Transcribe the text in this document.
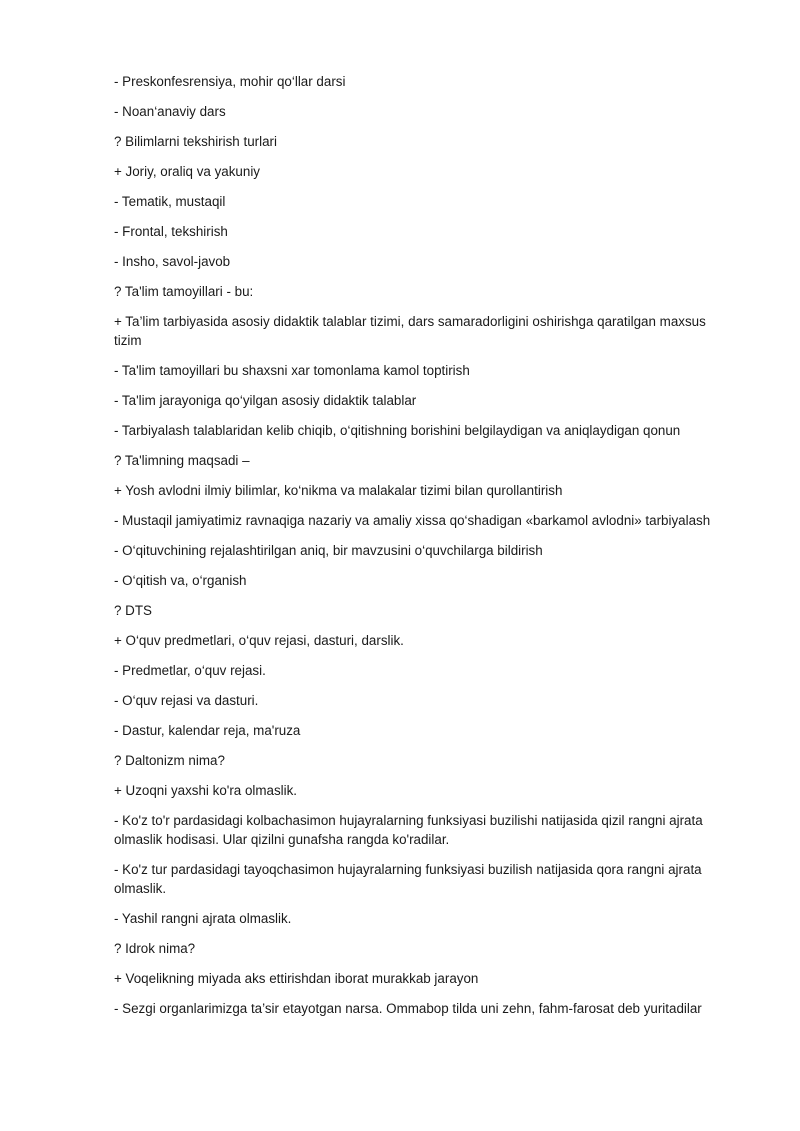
- Preskonfesrensiya, mohir qo‘llar darsi

- Noan‘anaviy dars

? Bilimlarni tekshirish turlari

+ Joriy, oraliq va yakuniy

- Tematik, mustaqil

- Frontal, tekshirish

- Insho, savol-javob

? Ta'lim tamoyillari - bu:

+ Ta’lim tarbiyasida asosiy didaktik talablar tizimi, dars samaradorligini oshirishga qaratilgan maxsus tizim

- Ta'lim tamoyillari bu shaxsni xar tomonlama kamol toptirish

- Ta'lim jarayoniga qo‘yilgan asosiy didaktik talablar

- Tarbiyalash talablaridan kelib chiqib, o‘qitishning borishini belgilaydigan va aniqlaydigan qonun

? Ta'limning maqsadi –

+ Yosh avlodni ilmiy bilimlar, ko‘nikma va malakalar tizimi bilan qurollantirish

- Mustaqil jamiyatimiz ravnaqiga nazariy va amaliy xissa qo‘shadigan «barkamol avlodni» tarbiyalash

- O‘qituvchining rejalashtirilgan aniq, bir mavzusini o‘quvchilarga bildirish

- O‘qitish va, o‘rganish

? DTS

+ O‘quv predmetlari, o‘quv rejasi, dasturi, darslik.

- Predmetlar, o‘quv rejasi.

- O‘quv rejasi va dasturi.

- Dastur, kalendar reja, ma'ruza

? Daltonizm nima?

+ Uzoqni yaxshi ko'ra olmaslik.

- Ko'z to'r pardasidagi kolbachasimon hujayralarning funksiyasi buzilishi natijasida qizil rangni ajrata olmaslik hodisasi. Ular qizilni gunafsha rangda ko'radilar.

- Ko'z tur pardasidagi tayoqchasimon hujayralarning funksiyasi buzilish natijasida qora rangni ajrata olmaslik.

- Yashil rangni ajrata olmaslik.

? Idrok nima?

+ Voqelikning miyada aks ettirishdan iborat murakkab jarayon

- Sezgi organlarimizga ta’sir etayotgan narsa. Ommabop tilda uni zehn, fahm-farosat deb yuritadilar
